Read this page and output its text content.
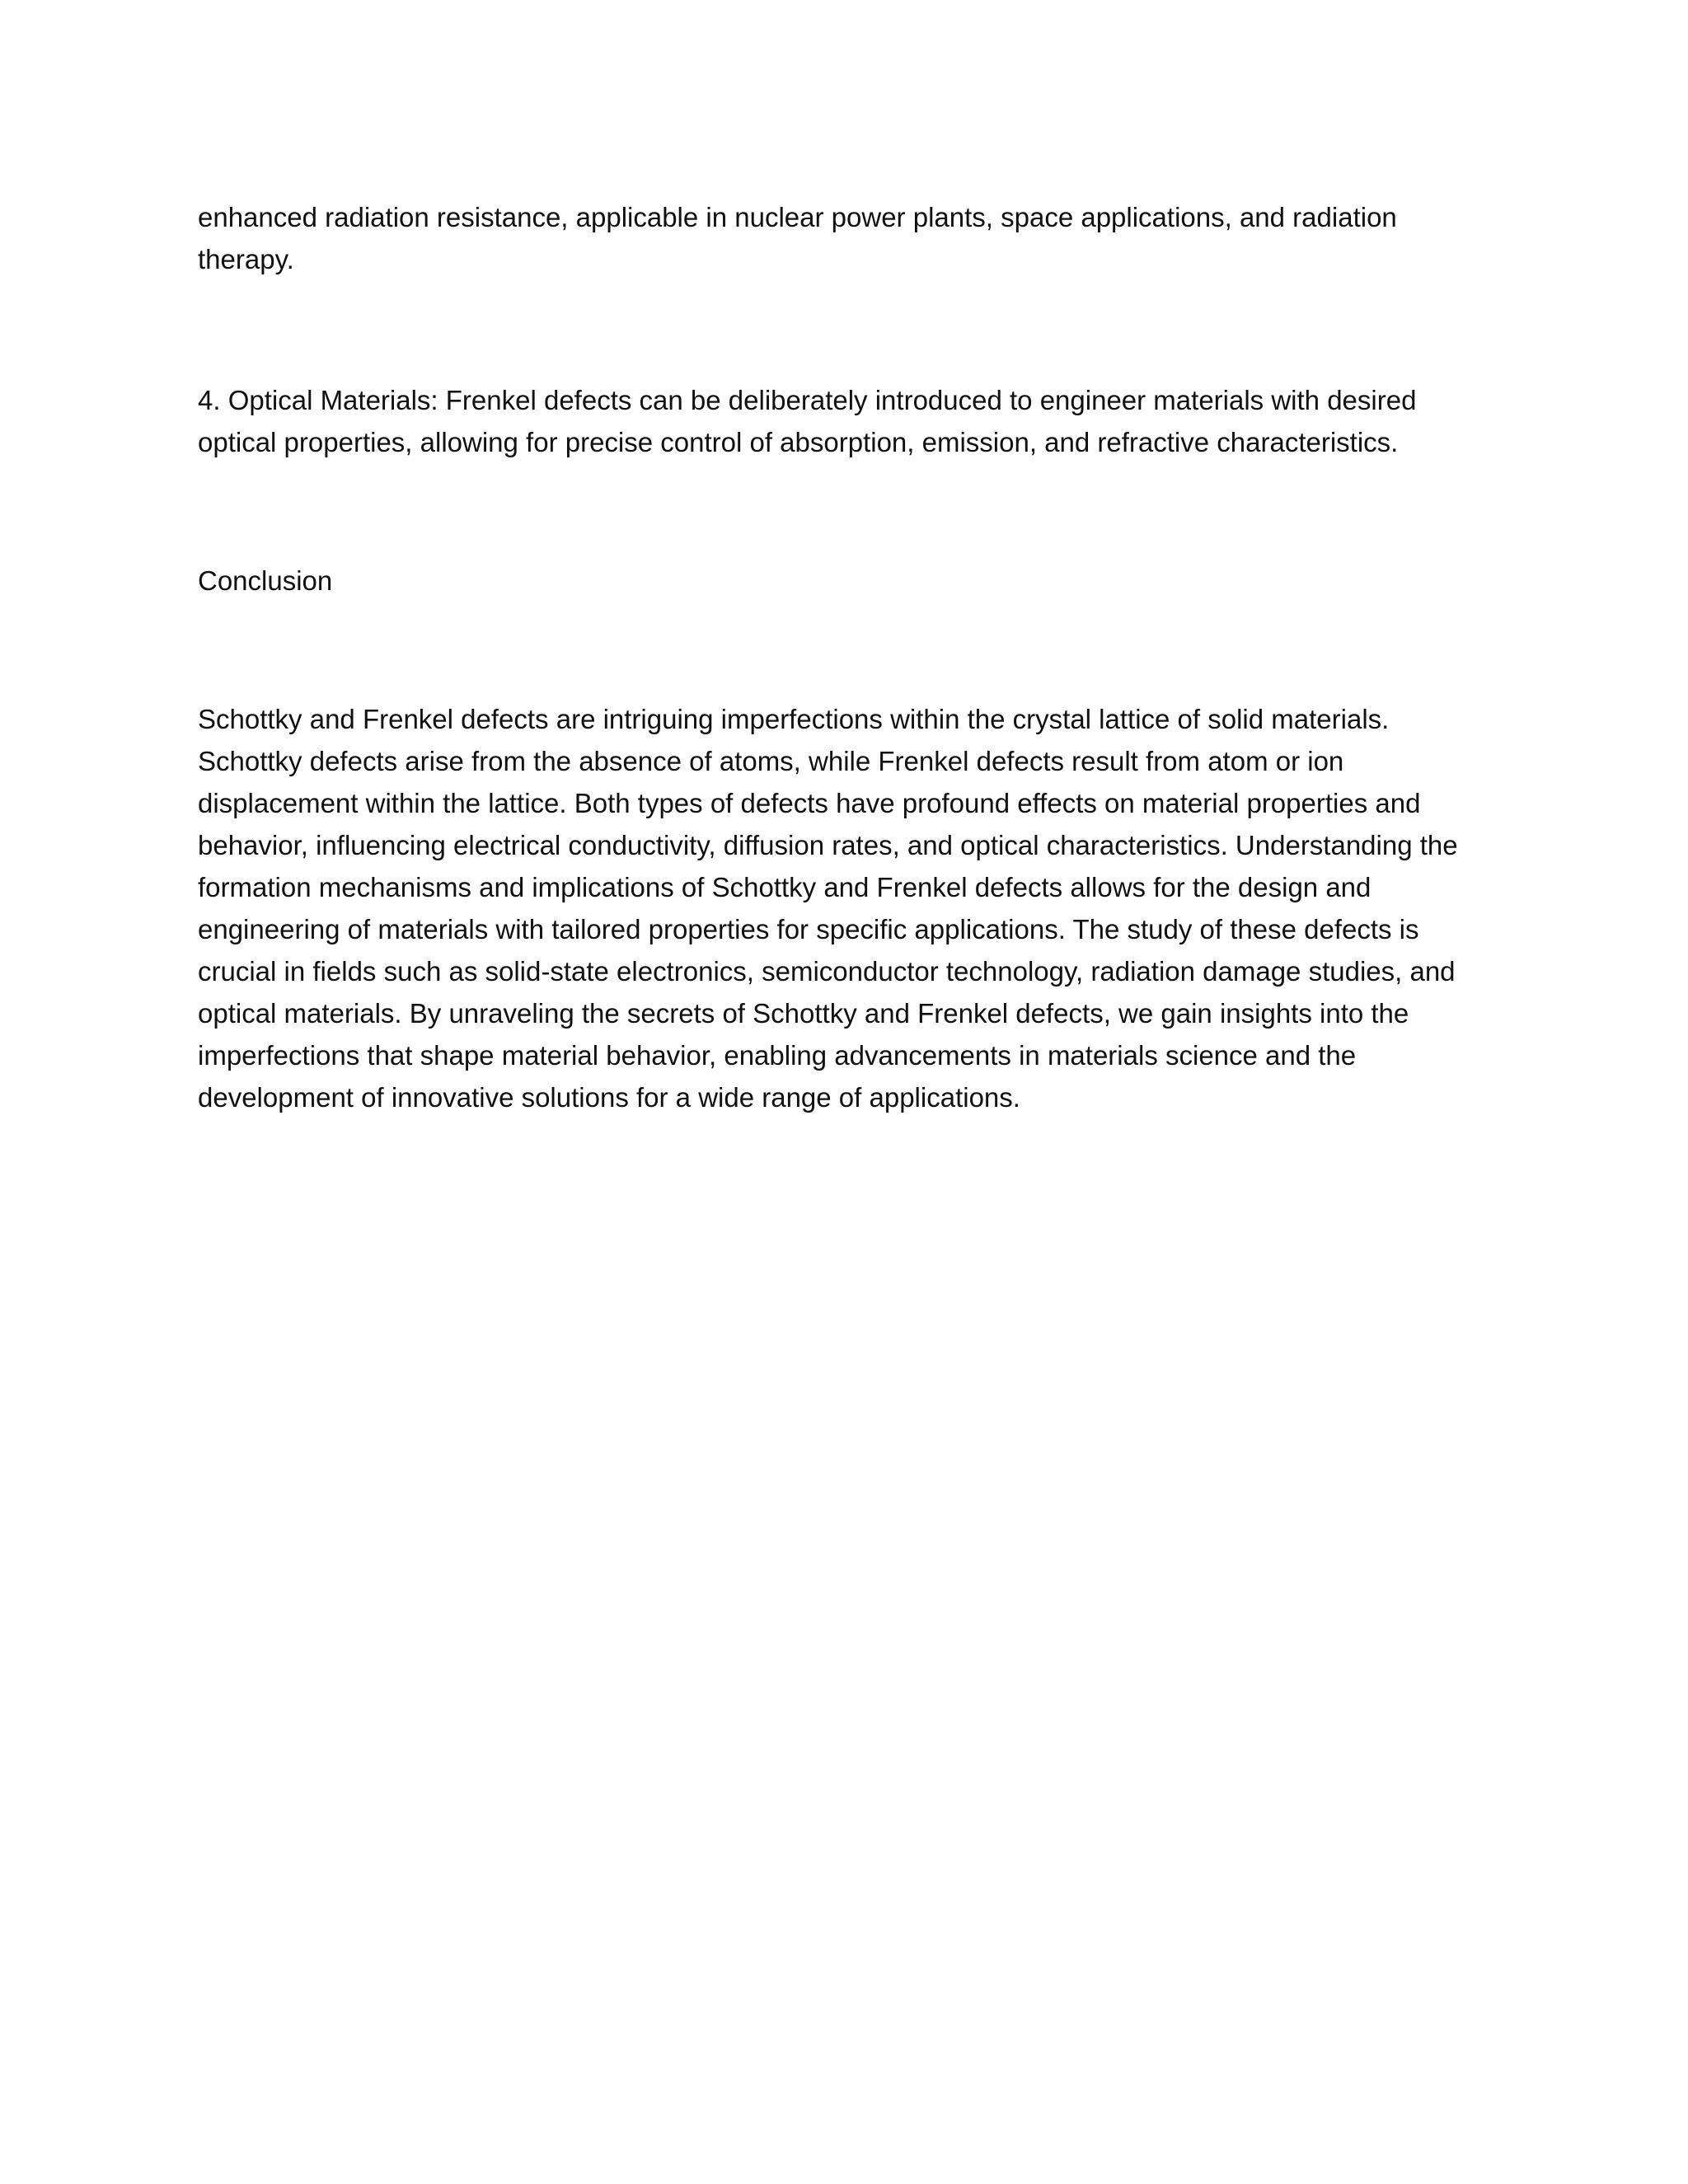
enhanced radiation resistance, applicable in nuclear power plants, space applications, and radiation therapy.

4. Optical Materials: Frenkel defects can be deliberately introduced to engineer materials with desired optical properties, allowing for precise control of absorption, emission, and refractive characteristics.

Conclusion

Schottky and Frenkel defects are intriguing imperfections within the crystal lattice of solid materials. Schottky defects arise from the absence of atoms, while Frenkel defects result from atom or ion displacement within the lattice. Both types of defects have profound effects on material properties and behavior, influencing electrical conductivity, diffusion rates, and optical characteristics. Understanding the formation mechanisms and implications of Schottky and Frenkel defects allows for the design and engineering of materials with tailored properties for specific applications. The study of these defects is crucial in fields such as solid-state electronics, semiconductor technology, radiation damage studies, and optical materials. By unraveling the secrets of Schottky and Frenkel defects, we gain insights into the imperfections that shape material behavior, enabling advancements in materials science and the development of innovative solutions for a wide range of applications.
